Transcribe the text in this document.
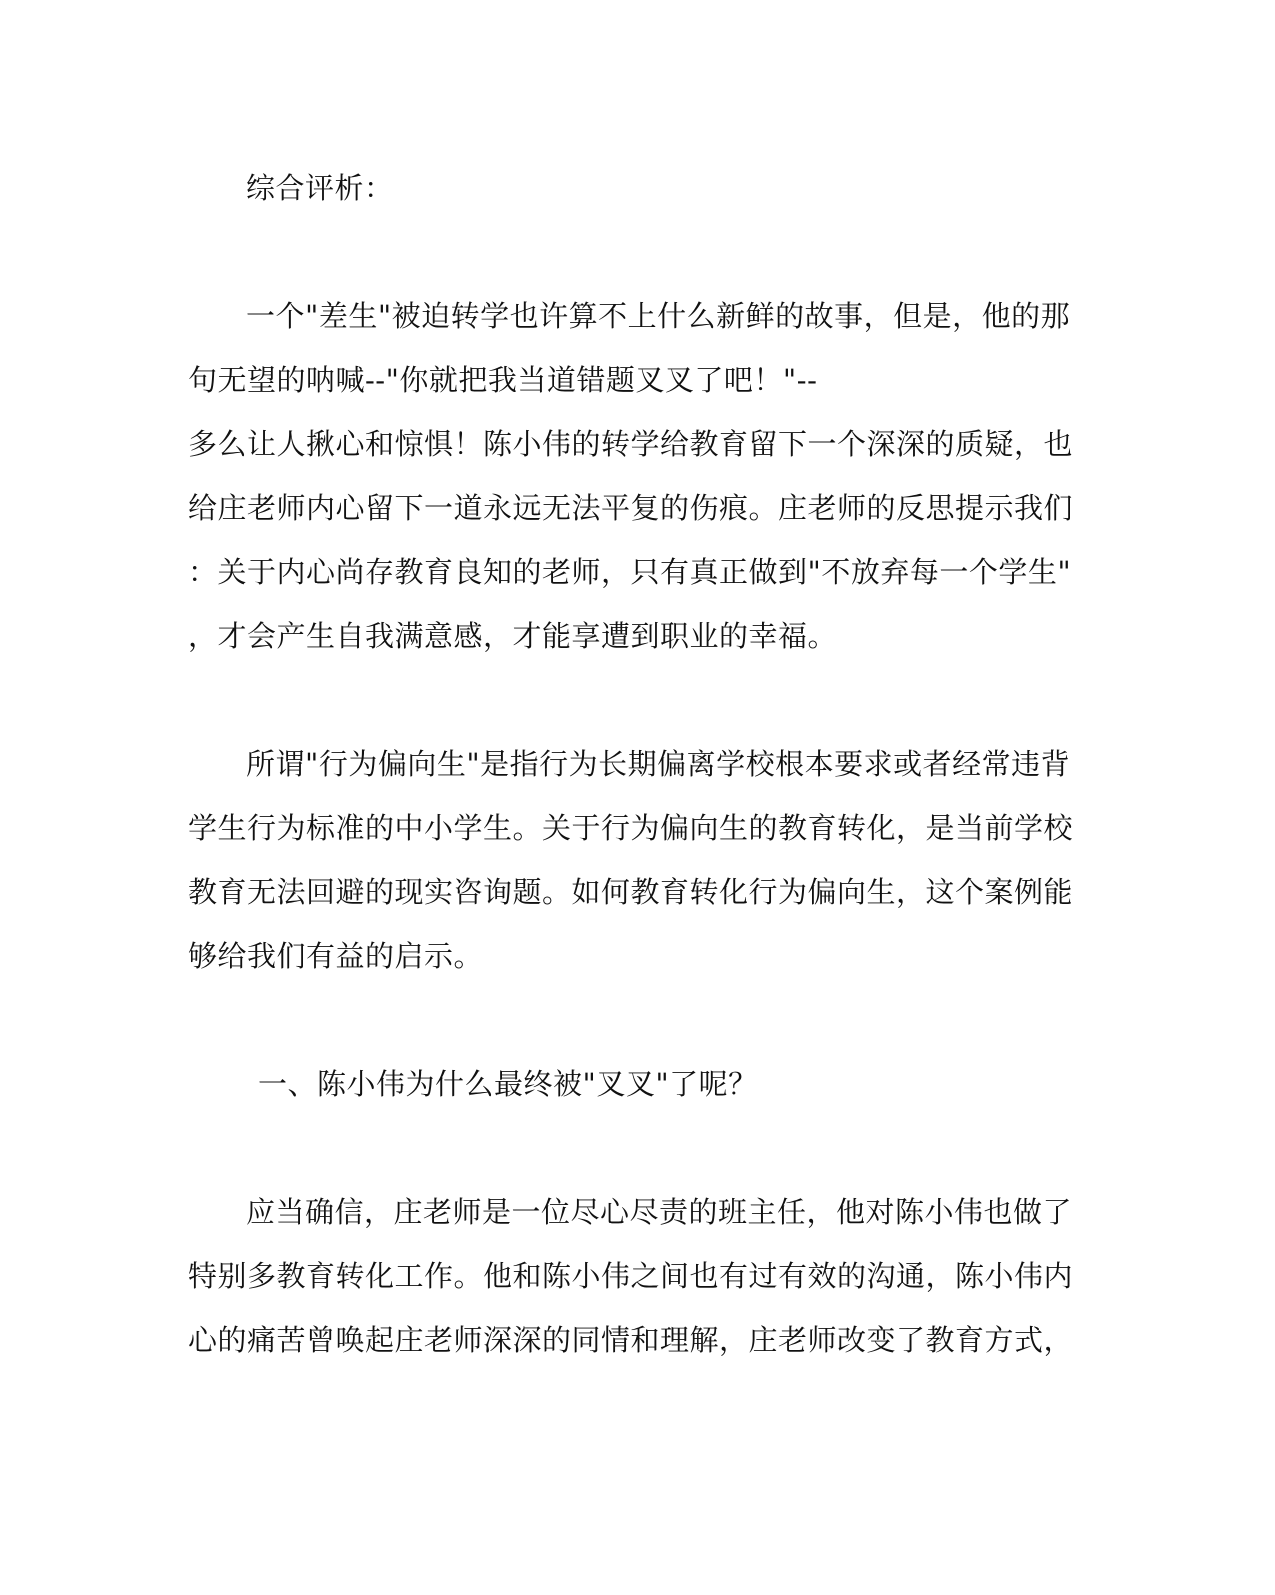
综合评析：
一个"差生"被迫转学也许算不上什么新鲜的故事，但是，他的那
句无望的呐喊--"你就把我当道错题叉叉了吧！"--
多么让人揪心和惊惧！陈小伟的转学给教育留下一个深深的质疑，也
给庄老师内心留下一道永远无法平复的伤痕。庄老师的反思提示我们
：关于内心尚存教育良知的老师，只有真正做到"不放弃每一个学生"
，才会产生自我满意感，才能享遭到职业的幸福。
所谓"行为偏向生"是指行为长期偏离学校根本要求或者经常违背
学生行为标准的中小学生。关于行为偏向生的教育转化，是当前学校
教育无法回避的现实咨询题。如何教育转化行为偏向生，这个案例能
够给我们有益的启示。
一、陈小伟为什么最终被"叉叉"了呢？
应当确信，庄老师是一位尽心尽责的班主任，他对陈小伟也做了
特别多教育转化工作。他和陈小伟之间也有过有效的沟通，陈小伟内
心的痛苦曾唤起庄老师深深的同情和理解，庄老师改变了教育方式，
